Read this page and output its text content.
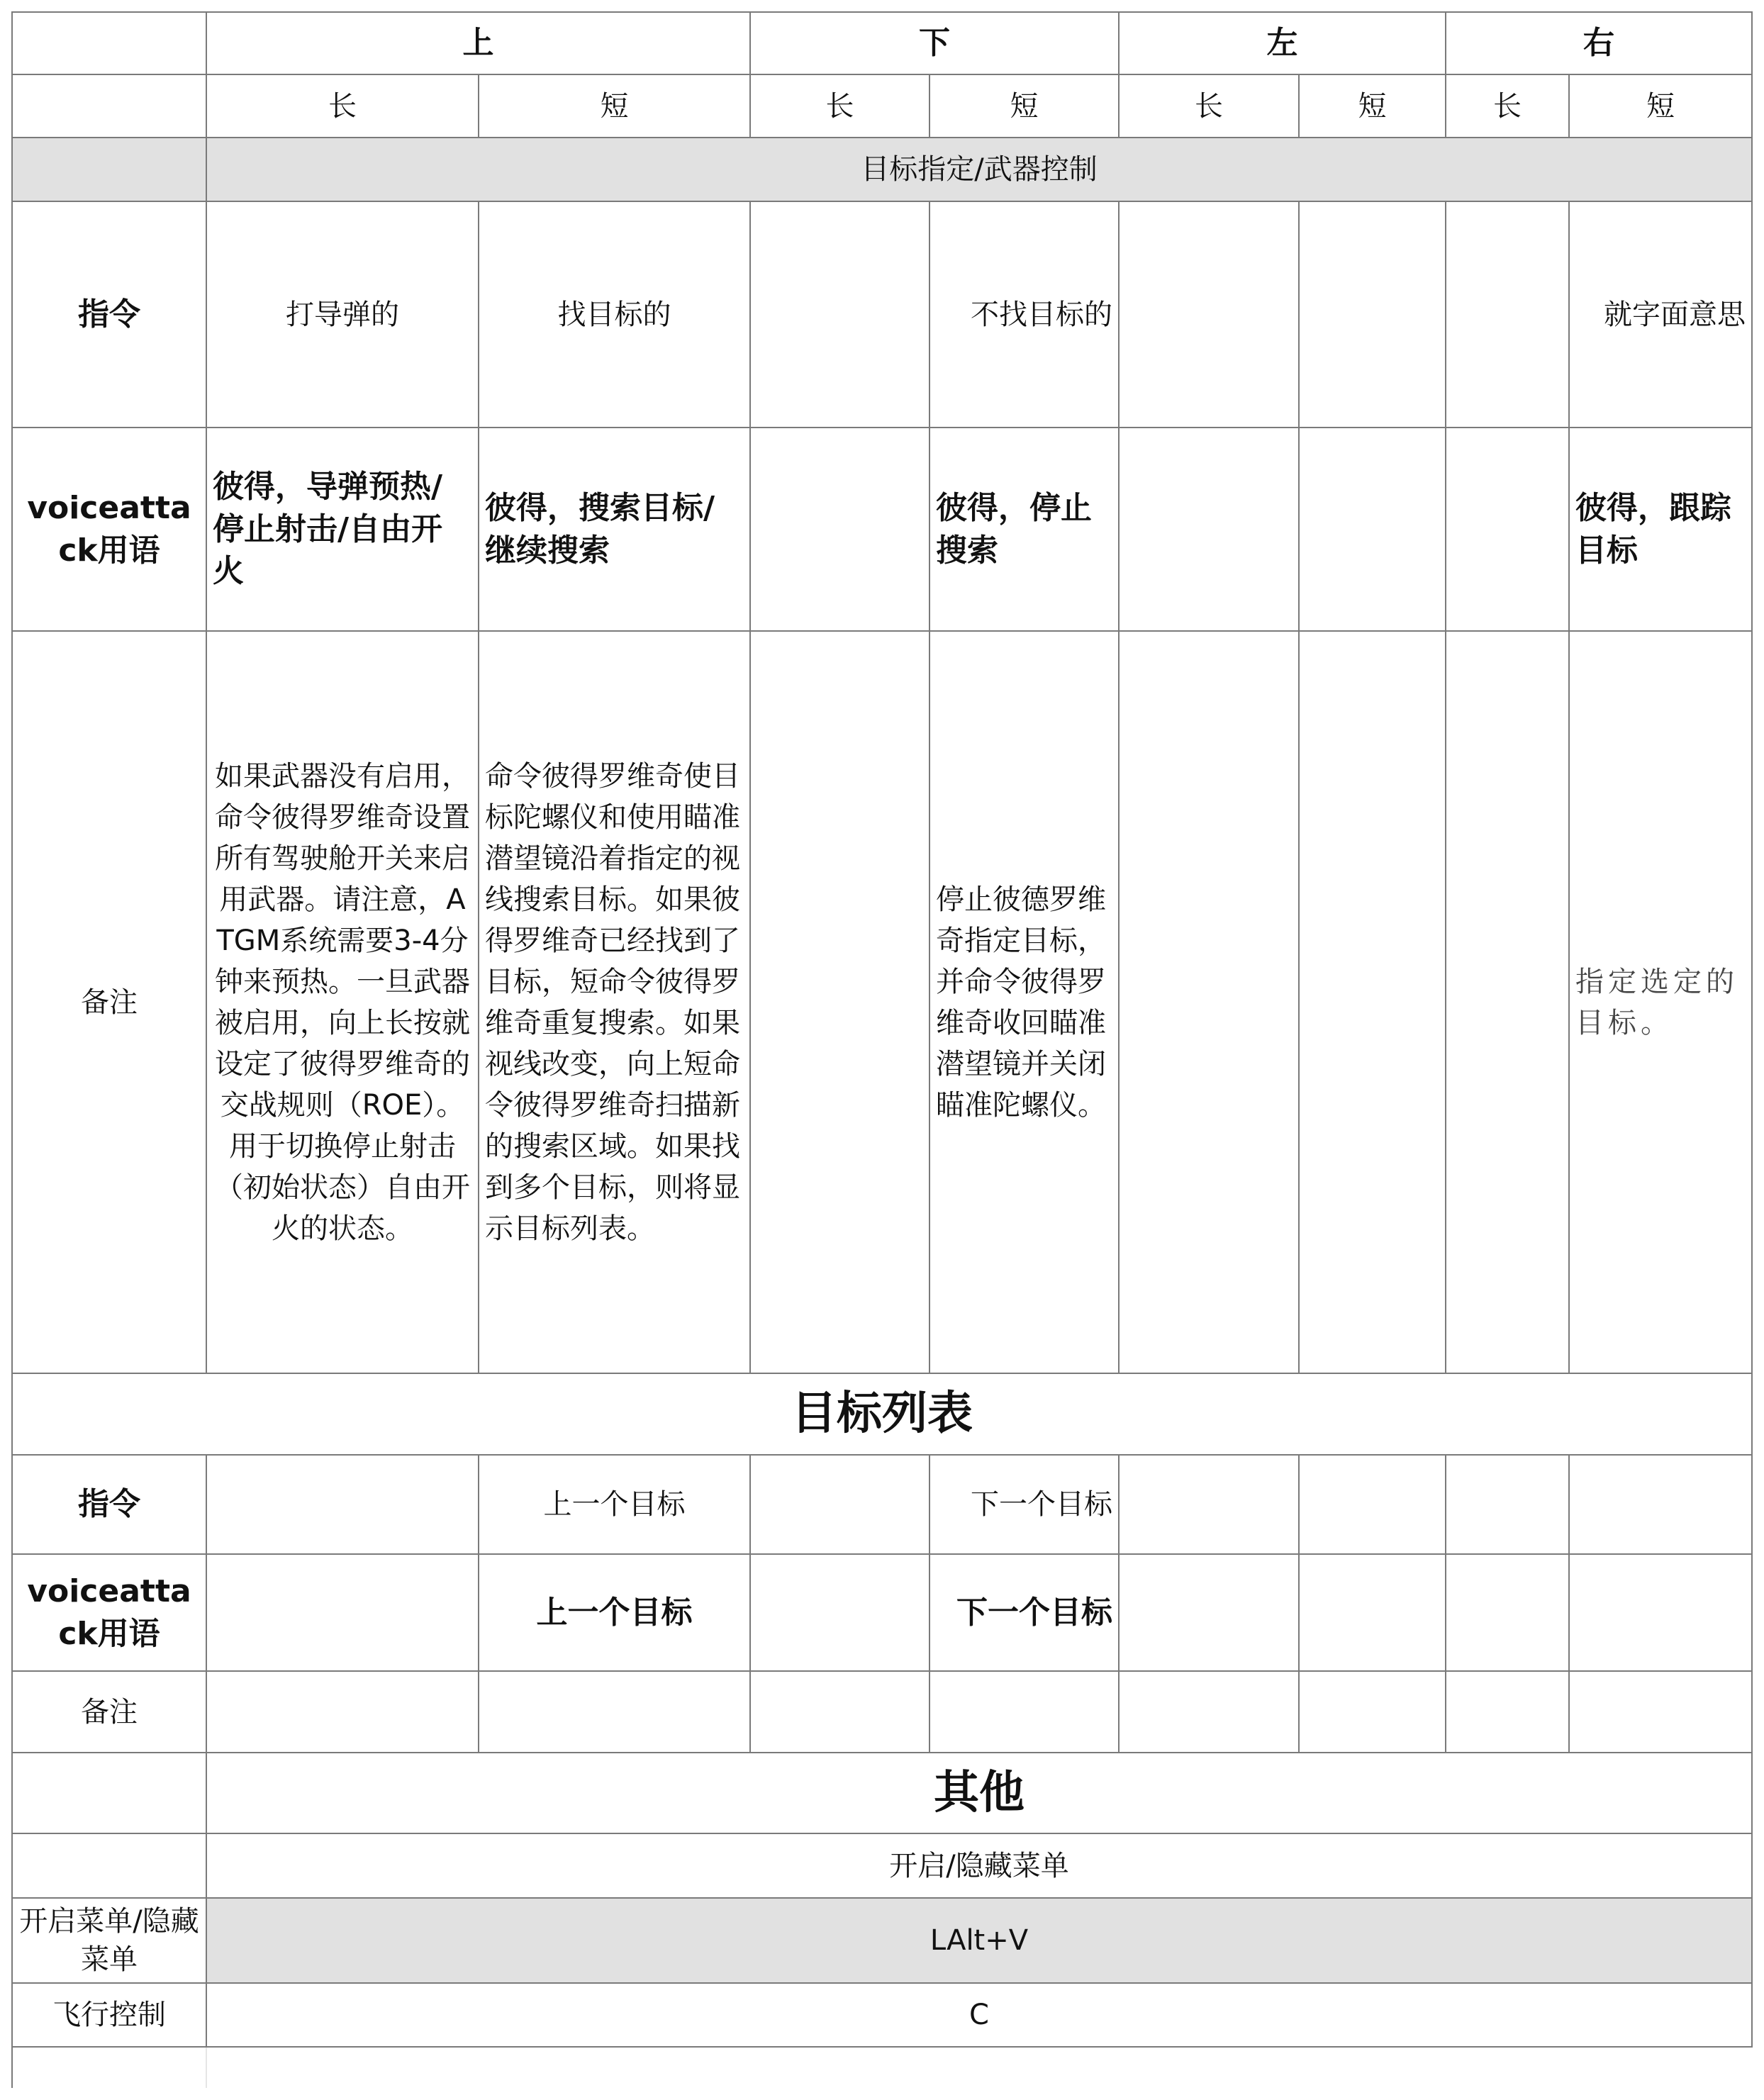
	上		下		左		右	
	长	短	长	短	长	短	长	短
	目标指定/武器控制							
指令	打导弹的	找目标的		不找目标的				就字面意思
voiceattack用语	彼得，导弹预热/停止射击/自由开火	彼得，搜索目标/继续搜索		彼得，停止搜索				彼得，跟踪目标
备注	如果武器没有启用，命令彼得罗维奇设置所有驾驶舱开关来启用武器。请注意，ATGM系统需要3-4分钟来预热。一旦武器被启用，向上长按就设定了彼得罗维奇的交战规则（ROE）。用于切换停止射击（初始状态）自由开火的状态。	命令彼得罗维奇使目标陀螺仪和使用瞄准潜望镜沿着指定的视线搜索目标。如果彼得罗维奇已经找到了目标，短命令彼得罗维奇重复搜索。如果视线改变，向上短命令彼得罗维奇扫描新的搜索区域。如果找到多个目标，则将显示目标列表。		停止彼德罗维奇指定目标，并命令彼得罗维奇收回瞄准潜望镜并关闭瞄准陀螺仪。				指定选定的目标。
目标列表								
指令		上一个目标		下一个目标				
voiceattack用语		上一个目标		下一个目标				
备注								
	其他							
	开启/隐藏菜单							
开启菜单/隐藏菜单	LAlt+V							
飞行控制	C							
